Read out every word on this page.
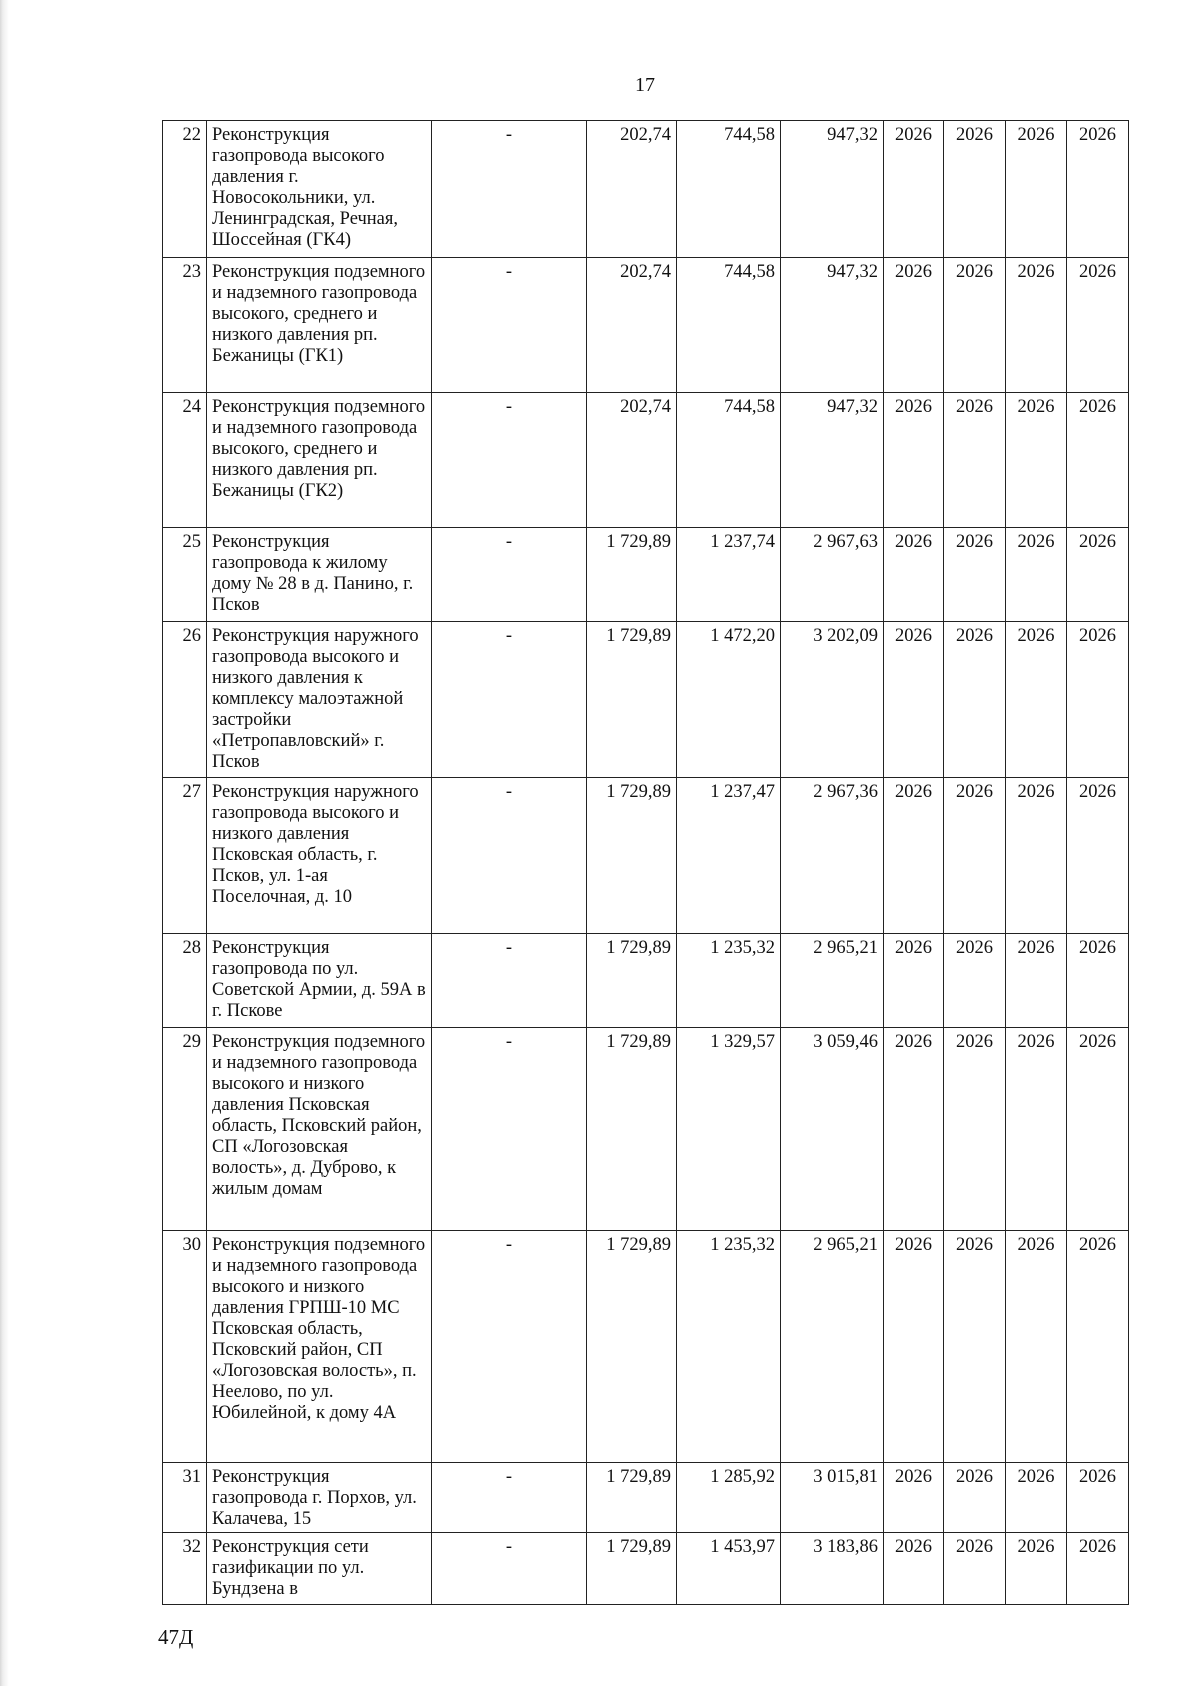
17
22	Реконструкция газопровода высокого давления г. Новосокольники, ул. Ленинградская, Речная, Шоссейная (ГК4)	-	202,74	744,58	947,32	2026	2026	2026	2026
23	Реконструкция подземного и надземного газопровода высокого, среднего и низкого давления рп. Бежаницы (ГК1)	-	202,74	744,58	947,32	2026	2026	2026	2026
24	Реконструкция подземного и надземного газопровода высокого, среднего и низкого давления рп. Бежаницы (ГК2)	-	202,74	744,58	947,32	2026	2026	2026	2026
25	Реконструкция газопровода к жилому дому № 28 в д. Панино, г. Псков	-	1 729,89	1 237,74	2 967,63	2026	2026	2026	2026
26	Реконструкция наружного газопровода высокого и низкого давления к комплексу малоэтажной застройки «Петропавловский» г. Псков	-	1 729,89	1 472,20	3 202,09	2026	2026	2026	2026
27	Реконструкция наружного газопровода высокого и низкого давления Псковская область, г. Псков, ул. 1-ая Поселочная, д. 10	-	1 729,89	1 237,47	2 967,36	2026	2026	2026	2026
28	Реконструкция газопровода по ул. Советской Армии, д. 59А в г. Пскове	-	1 729,89	1 235,32	2 965,21	2026	2026	2026	2026
29	Реконструкция подземного и надземного газопровода высокого и низкого давления Псковская область, Псковский район, СП «Логозовская волость», д. Дуброво, к жилым домам	-	1 729,89	1 329,57	3 059,46	2026	2026	2026	2026
30	Реконструкция подземного и надземного газопровода высокого и низкого давления ГРПШ-10 МС Псковская область, Псковский район, СП «Логозовская волость», п. Неелово, по ул. Юбилейной, к дому 4А	-	1 729,89	1 235,32	2 965,21	2026	2026	2026	2026
31	Реконструкция газопровода г. Порхов, ул. Калачева, 15	-	1 729,89	1 285,92	3 015,81	2026	2026	2026	2026
32	Реконструкция сети газификации по ул. Бундзена в	-	1 729,89	1 453,97	3 183,86	2026	2026	2026	2026
47Д
